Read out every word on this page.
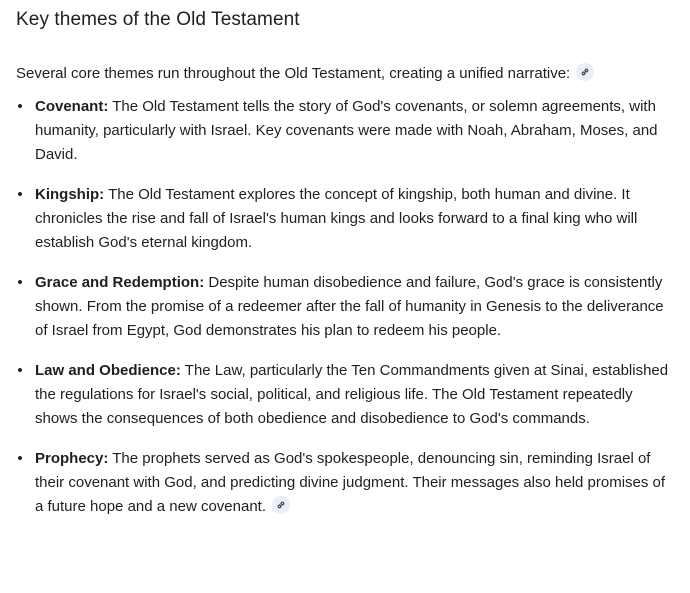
Key themes of the Old Testament

Several core themes run throughout the Old Testament, creating a unified narrative:

• Covenant: The Old Testament tells the story of God's covenants, or solemn agreements, with humanity, particularly with Israel. Key covenants were made with Noah, Abraham, Moses, and David.
• Kingship: The Old Testament explores the concept of kingship, both human and divine. It chronicles the rise and fall of Israel's human kings and looks forward to a final king who will establish God's eternal kingdom.
• Grace and Redemption: Despite human disobedience and failure, God's grace is consistently shown. From the promise of a redeemer after the fall of humanity in Genesis to the deliverance of Israel from Egypt, God demonstrates his plan to redeem his people.
• Law and Obedience: The Law, particularly the Ten Commandments given at Sinai, established the regulations for Israel's social, political, and religious life. The Old Testament repeatedly shows the consequences of both obedience and disobedience to God's commands.
• Prophecy: The prophets served as God's spokespeople, denouncing sin, reminding Israel of their covenant with God, and predicting divine judgment. Their messages also held promises of a future hope and a new covenant.
